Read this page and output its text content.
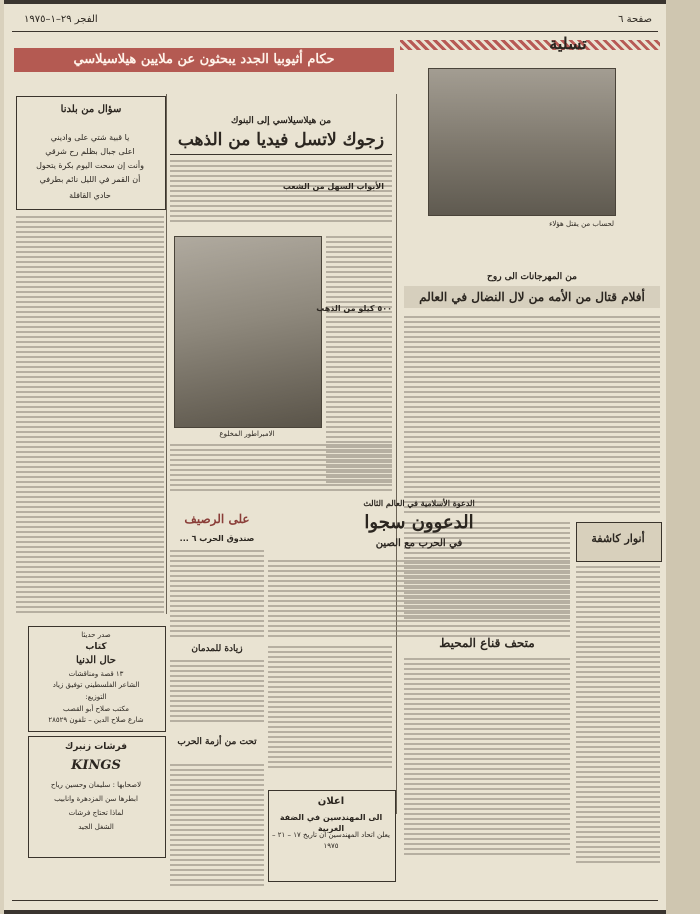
صفحة ٦
الفجر ٢٩–١–١٩٧٥
حكام أثيوبيا الجدد يبحثون عن ملايين هيلاسيلاسي
تسلية
لحساب من يقتل هؤلاء
سؤال من بلدنا
يا قبية شتي على واديني
اعلى جبال بظلم رح شرقي
وأنت إن سحت اليوم بكرة يتحول
أن القمر في الليل نائم بطرفي
حادي القافلة
من هيلاسيلاسي إلى البنوك
زجوك لاتسل فيديا من الذهب
الأبواب السهل من الشعب
الامبراطور المخلوع
٥٠٠ كيلو من الذهب
من المهرجانات الى روح
أفلام قتال من الأمه من لال النضال في العالم
أنوار كاشفة
الدعوة الأسلامية في العالم الثالث
الدعوون سجوا
في الحرب مع الصين
على الرصيف
صندوق الحرب ٦ ...
متحف قناع المحيط
زيادة للمدمان
تحت من أزمة الحرب
صدر حديثا
كتاب
حال الدنيا
١٣ قصة ومناقشات
الشاعر الفلسطيني توفيق زياد
التوزيع:
مكتب صلاح أبو القصب
شارع صلاح الدين – تلفون ٢٨٥٢٩
فرشات زنبرك
KINGS
لاصحابها : سليمان وحسين رياح
ابطرها سن المزدهرة وانابيب
لماذا تحتاج فرشات
الشغل الجيد
اعلان
الى المهندسين في الضفة الغربية
يعلن اتحاد المهندسين ان تاريخ ١٧ – ٢١ – ١٩٧٥
